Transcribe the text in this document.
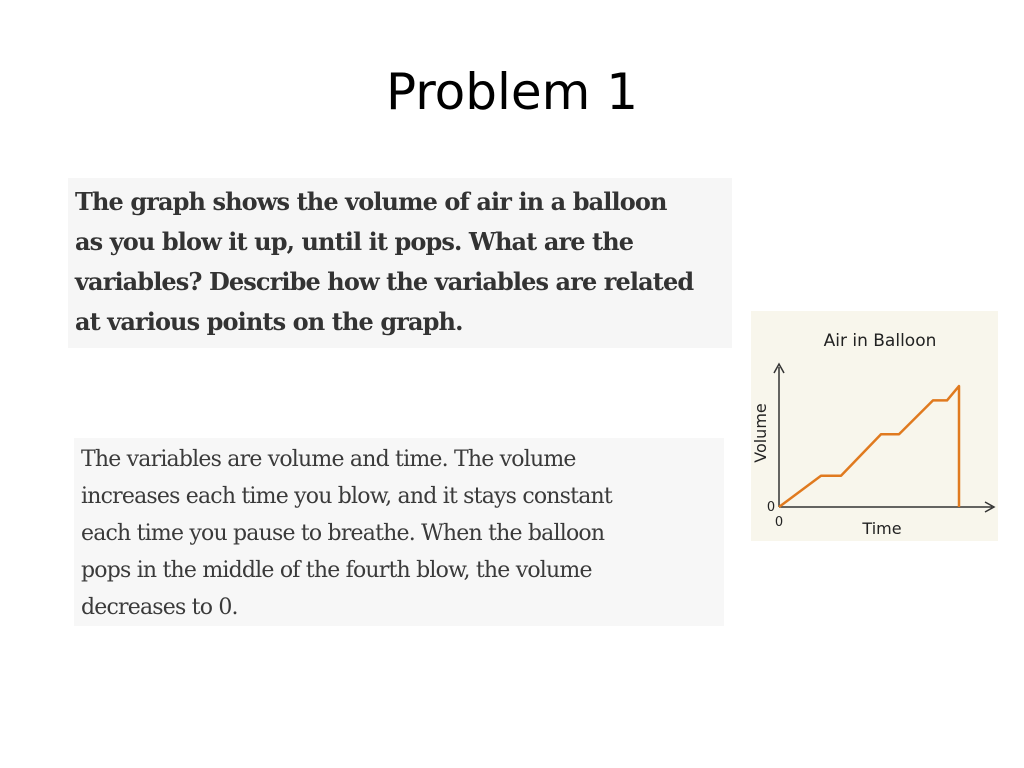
Problem 1

The graph shows the volume of air in a balloon
as you blow it up, until it pops. What are the
variables? Describe how the variables are related
at various points on the graph.

The variables are volume and time. The volume
increases each time you blow, and it stays constant
each time you pause to breathe. When the balloon
pops in the middle of the fourth blow, the volume
decreases to 0.

Air in Balloon
Volume
Time
0
0
